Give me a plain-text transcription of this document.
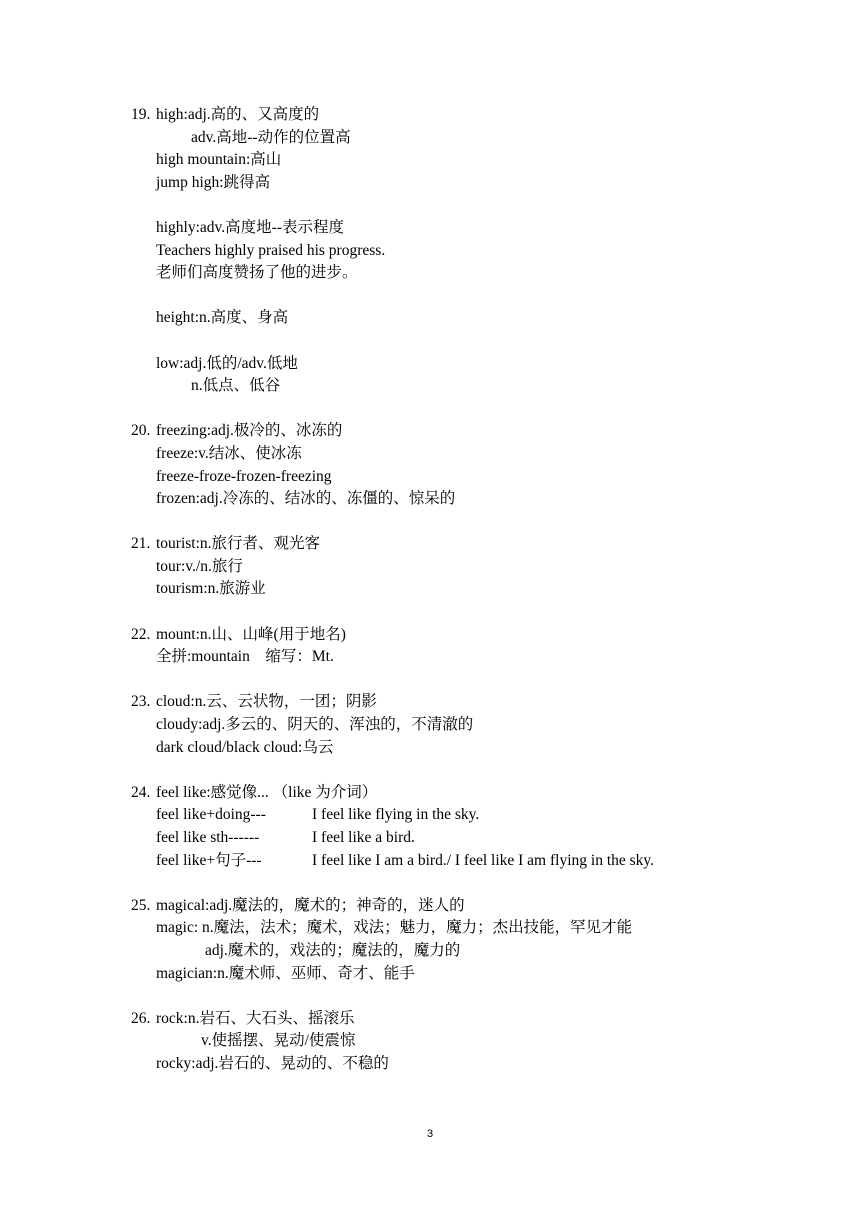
19. high:adj.高的、又高度的
adv.高地--动作的位置高
high mountain:高山
jump high:跳得高
highly:adv.高度地--表示程度
Teachers highly praised his progress.
老师们高度赞扬了他的进步。
height:n.高度、身高
low:adj.低的/adv.低地
n.低点、低谷
20. freezing:adj.极冷的、冰冻的
freeze:v.结冰、使冰冻
freeze-froze-frozen-freezing
frozen:adj.冷冻的、结冰的、冻僵的、惊呆的
21. tourist:n.旅行者、观光客
tour:v./n.旅行
tourism:n.旅游业
22. mount:n.山、山峰(用于地名)
全拼:mountain　缩写：Mt.
23. cloud:n.云、云状物，一团；阴影
cloudy:adj.多云的、阴天的、浑浊的，不清澈的
dark cloud/black cloud:乌云
24. feel like:感觉像... （like 为介词）
feel like+doing---	I feel like flying in the sky.
feel like sth------	I feel like a bird.
feel like+句子---	I feel like I am a bird./ I feel like I am flying in the sky.
25. magical:adj.魔法的，魔术的；神奇的，迷人的
magic: n.魔法，法术；魔术，戏法；魅力，魔力；杰出技能，罕见才能
adj.魔术的，戏法的；魔法的，魔力的
magician:n.魔术师、巫师、奇才、能手
26. rock:n.岩石、大石头、摇滚乐
v.使摇摆、晃动/使震惊
rocky:adj.岩石的、晃动的、不稳的
3
